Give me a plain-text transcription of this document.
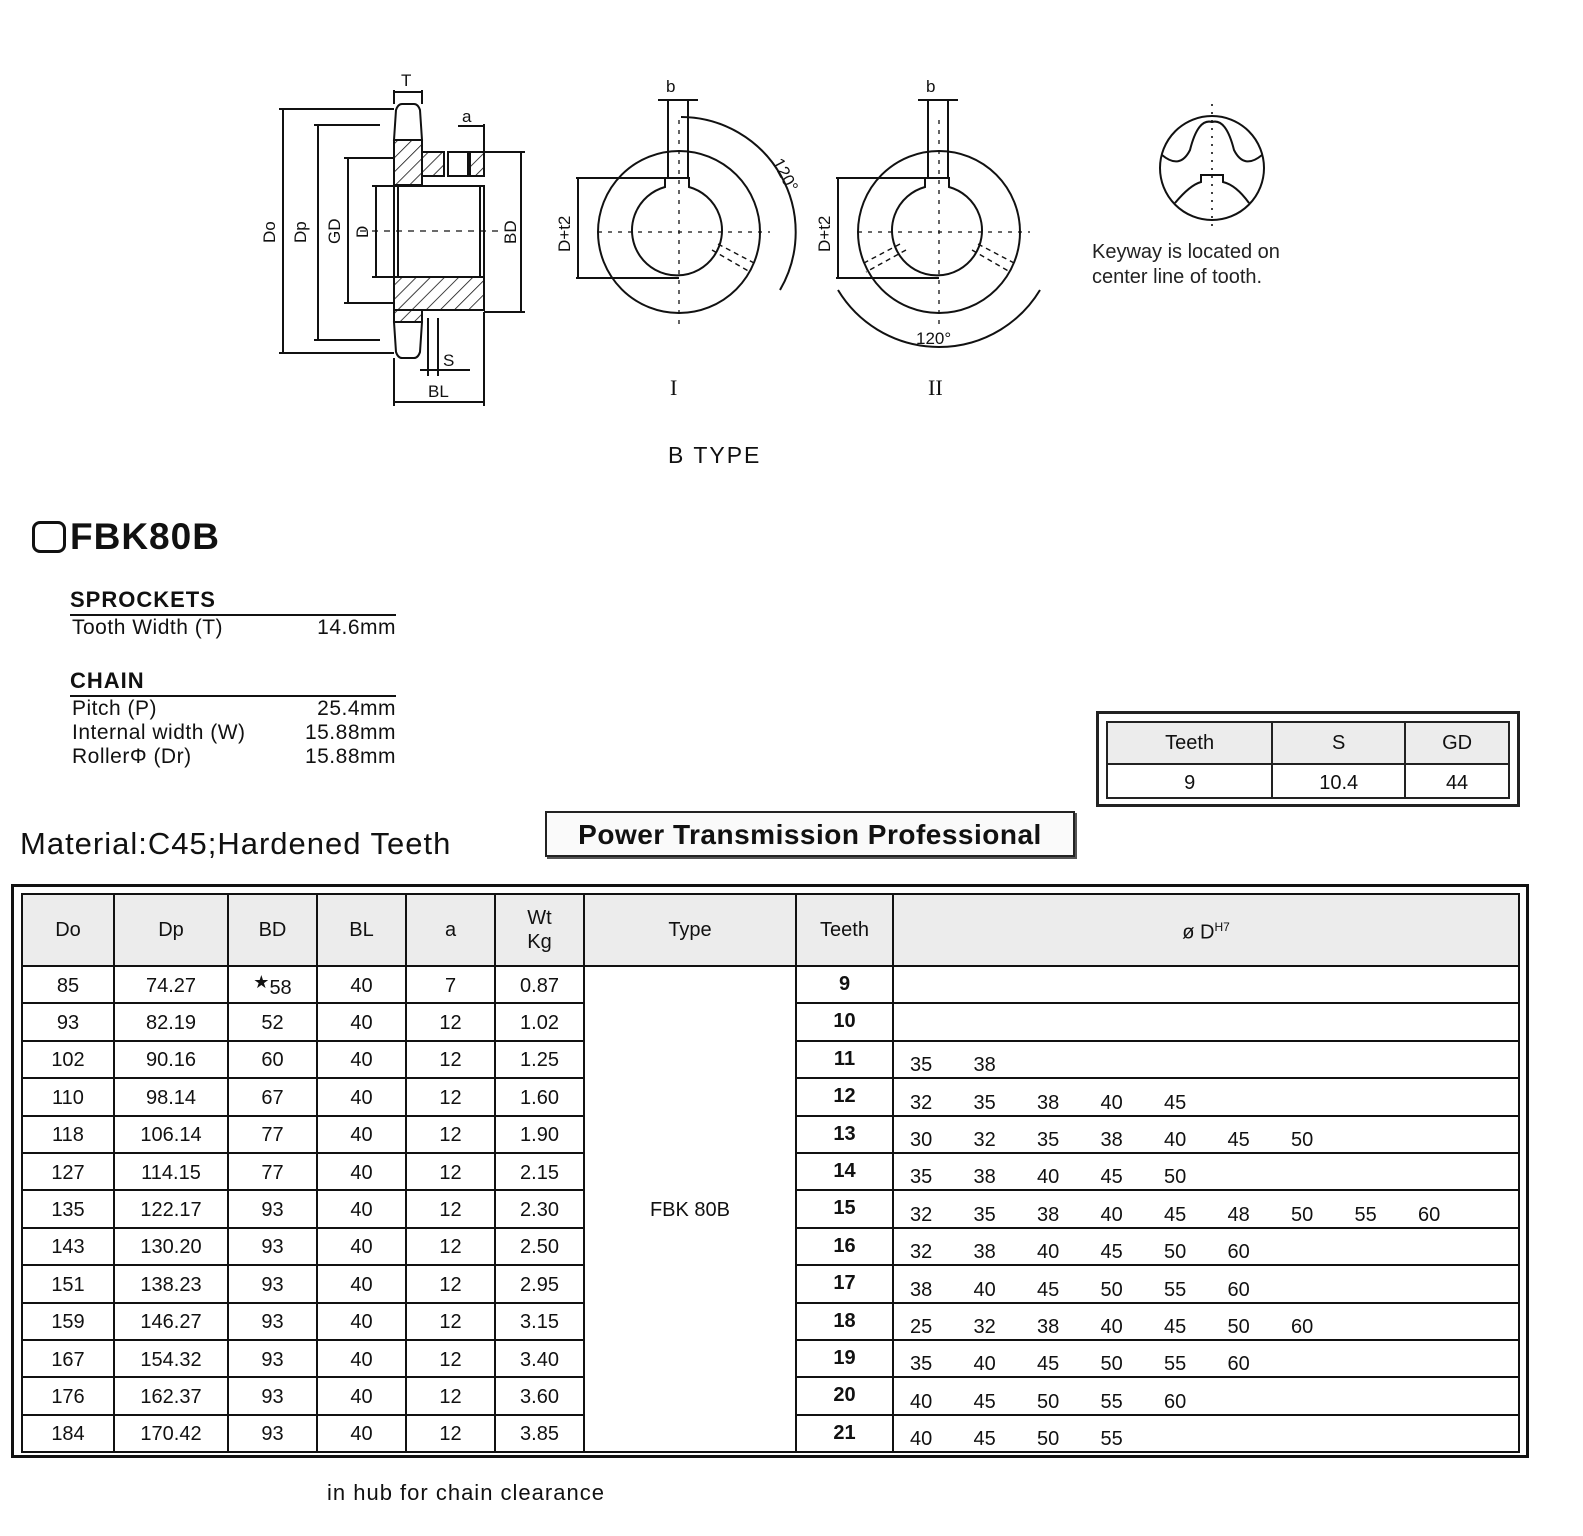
T
a
Do Dp GD D	BD
S
BL
b
D+t2
120°
I
b
D+t2
120°
II
B TYPE
Keyway is located on
center line of tooth.
FBK80B
SPROCKETS
Tooth Width (T)	14.6mm
CHAIN
Pitch (P)	25.4mm
Internal width (W)	15.88mm
RollerΦ (Dr)	15.88mm
Teeth	S	GD
9	10.4	44
Material:C45;Hardened Teeth	Power Transmission Professional
Do	Dp	BD	BL	a	Wt
Kg	Type	Teeth	ø $D^{H7}$
85	74.27	★58	40	7	0.87	FBK 80B	9	
93	82.19	52	40	12	1.02		10	
102	90.16	60	40	12	1.25		11	35 38
110	98.14	67	40	12	1.60		12	32 35 38 40 45
118	106.14	77	40	12	1.90		13	30 32 35 38 40 45 50
127	114.15	77	40	12	2.15		14	35 38 40 45 50
135	122.17	93	40	12	2.30		15	32 35 38 40 45 48 50 55 60
143	130.20	93	40	12	2.50		16	32 38 40 45 50 60
151	138.23	93	40	12	2.95		17	38 40 45 50 55 60
159	146.27	93	40	12	3.15		18	25 32 38 40 45 50 60
167	154.32	93	40	12	3.40		19	35 40 45 50 55 60
176	162.37	93	40	12	3.60		20	40 45 50 55 60
184	170.42	93	40	12	3.85		21	40 45 50 55
in hub for chain clearance
